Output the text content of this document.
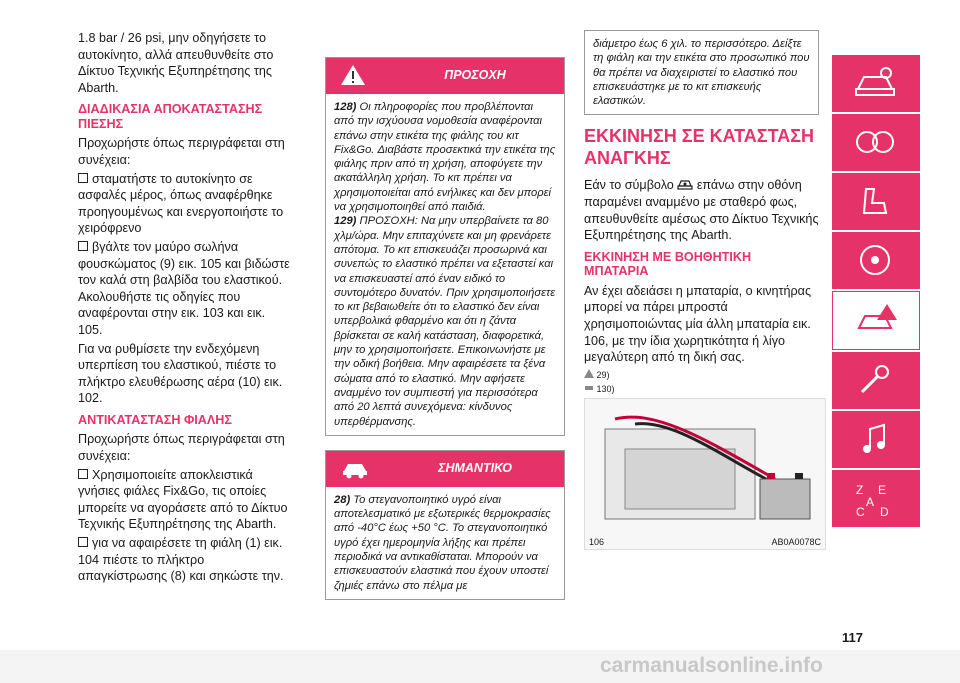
1.8 bar / 26 psi, μην οδηγήσετε το αυτοκίνητο, αλλά απευθυνθείτε στο Δίκτυο Τεχνικής Εξυπηρέτησης της Abarth.

ΔΙΑΔΙΚΑΣΙΑ ΑΠΟΚΑΤΑΣΤΑΣΗΣ ΠΙΕΣΗΣ

Προχωρήστε όπως περιγράφεται στη συνέχεια:

σταματήστε το αυτοκίνητο σε ασφαλές μέρος, όπως αναφέρθηκε προηγουμένως και ενεργοποιήστε το χειρόφρενο

βγάλτε τον μαύρο σωλήνα φουσκώματος (9) εικ. 105 και βιδώστε τον καλά στη βαλβίδα του ελαστικού. Ακολουθήστε τις οδηγίες που αναφέρονται στην εικ. 103 και εικ. 105.

Για να ρυθμίσετε την ενδεχόμενη υπερπίεση του ελαστικού, πιέστε το πλήκτρο ελευθέρωσης αέρα (10) εικ. 102.

ΑΝΤΙΚΑΤΑΣΤΑΣΗ ΦΙΑΛΗΣ

Προχωρήστε όπως περιγράφεται στη συνέχεια:

Χρησιμοποιείτε αποκλειστικά γνήσιες φιάλες Fix&Go, τις οποίες μπορείτε να αγοράσετε από το Δίκτυο Τεχνικής Εξυπηρέτησης της Abarth.

για να αφαιρέσετε τη φιάλη (1) εικ. 104 πιέστε το πλήκτρο απαγκίστρωσης (8) και σηκώστε την.

ΠΡΟΣΟΧΗ
128) Οι πληροφορίες που προβλέπονται από την ισχύουσα νομοθεσία αναφέρονται επάνω στην ετικέτα της φιάλης του κιτ Fix&Go. Διαβάστε προσεκτικά την ετικέτα της φιάλης πριν από τη χρήση, αποφύγετε την ακατάλληλη χρήση. Το κιτ πρέπει να χρησιμοποιείται από ενήλικες και δεν μπορεί να χρησιμοποιηθεί από παιδιά.
129) ΠΡΟΣΟΧΗ: Να μην υπερβαίνετε τα 80 χλμ/ώρα. Μην επιταχύνετε και μη φρενάρετε απότομα. Το κιτ επισκευάζει προσωρινά και συνεπώς το ελαστικό πρέπει να εξεταστεί και να επισκευαστεί από έναν ειδικό το συντομότερο δυνατόν. Πριν χρησιμοποιήσετε το κιτ βεβαιωθείτε ότι το ελαστικό δεν είναι υπερβολικά φθαρμένο και ότι η ζάντα βρίσκεται σε καλή κατάσταση, διαφορετικά, μην το χρησιμοποιήσετε. Επικοινωνήστε με την οδική βοήθεια. Μην αφαιρέσετε τα ξένα σώματα από το ελαστικό. Μην αφήσετε αναμμένο τον συμπιεστή για περισσότερα από 20 λεπτά συνεχόμενα: κίνδυνος υπερθέρμανσης.
ΣΗΜΑΝΤΙΚΟ
28) Το στεγανοποιητικό υγρό είναι αποτελεσματικό με εξωτερικές θερμοκρασίες από -40°C έως +50 °C. Το στεγανοποιητικό υγρό έχει ημερομηνία λήξης και πρέπει περιοδικά να αντικαθίσταται. Μπορούν να επισκευαστούν ελαστικά που έχουν υποστεί ζημιές επάνω στο πέλμα με
διάμετρο έως 6 χιλ. το περισσότερο. Δείξτε τη φιάλη και την ετικέτα στο προσωπικό που θα πρέπει να διαχειριστεί το ελαστικό που επισκευάστηκε με το κιτ επισκευής ελαστικών.
ΕΚΚΙΝΗΣΗ ΣΕ ΚΑΤΑΣΤΑΣΗ ΑΝΑΓΚΗΣ

Εάν το σύμβολο επάνω στην οθόνη παραμένει αναμμένο με σταθερό φως, απευθυνθείτε αμέσως στο Δίκτυο Τεχνικής Εξυπηρέτησης της Abarth.

ΕΚΚΙΝΗΣΗ ΜΕ ΒΟΗΘΗΤΙΚΗ ΜΠΑΤΑΡΙΑ

Αν έχει αδειάσει η μπαταρία, ο κινητήρας μπορεί να πάρει μπροστά χρησιμοποιώντας μία άλλη μπαταρία εικ. 106, με την ίδια χωρητικότητα ή λίγο μεγαλύτερη από τη δική σας.

29)
130)
106	AB0A0078C
Z E
A
C D
117
carmanualsonline.info
